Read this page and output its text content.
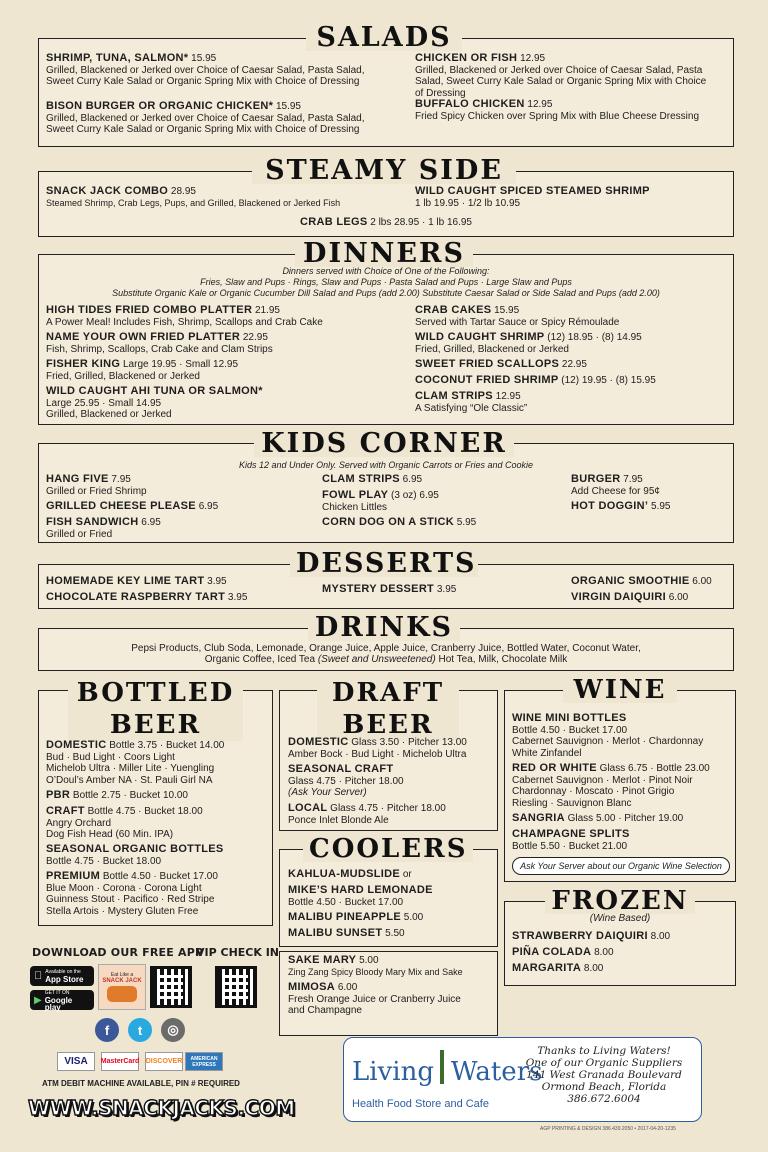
SALADS
SHRIMP, TUNA, SALMON* 15.95
Grilled, Blackened or Jerked over Choice of Caesar Salad, Pasta Salad, Sweet Curry Kale Salad or Organic Spring Mix with Choice of Dressing
BISON BURGER OR ORGANIC CHICKEN* 15.95
Grilled, Blackened or Jerked over Choice of Caesar Salad, Pasta Salad, Sweet Curry Kale Salad or Organic Spring Mix with Choice of Dressing
CHICKEN OR FISH 12.95
Grilled, Blackened or Jerked over Choice of Caesar Salad, Pasta Salad, Sweet Curry Kale Salad or Organic Spring Mix with Choice of Dressing
BUFFALO CHICKEN 12.95
Fried Spicy Chicken over Spring Mix with Blue Cheese Dressing
STEAMY SIDE
SNACK JACK COMBO 28.95
Steamed Shrimp, Crab Legs, Pups, and Grilled, Blackened or Jerked Fish
WILD CAUGHT SPICED STEAMED SHRIMP
1 lb 19.95 · 1/2 lb 10.95
CRAB LEGS 2 lbs 28.95 · 1 lb 16.95
DINNERS
Dinners served with Choice of One of the Following:
Fries, Slaw and Pups · Rings, Slaw and Pups · Pasta Salad and Pups · Large Slaw and Pups
Substitute Organic Kale or Organic Cucumber Dill Salad and Pups (add 2.00) Substitute Caesar Salad or Side Salad and Pups (add 2.00)
HIGH TIDES FRIED COMBO PLATTER 21.95
A Power Meal! Includes Fish, Shrimp, Scallops and Crab Cake
NAME YOUR OWN FRIED PLATTER 22.95
Fish, Shrimp, Scallops, Crab Cake and Clam Strips
FISHER KING Large 19.95 · Small 12.95
Fried, Grilled, Blackened or Jerked
WILD CAUGHT AHI TUNA OR SALMON*
Large 25.95 · Small 14.95
Grilled, Blackened or Jerked
CRAB CAKES 15.95
Served with Tartar Sauce or Spicy Rémoulade
WILD CAUGHT SHRIMP (12) 18.95 · (8) 14.95
Fried, Grilled, Blackened or Jerked
SWEET FRIED SCALLOPS 22.95
COCONUT FRIED SHRIMP (12) 19.95 · (8) 15.95
CLAM STRIPS 12.95
A Satisfying “Ole Classic”
KIDS CORNER
Kids 12 and Under Only. Served with Organic Carrots or Fries and Cookie
HANG FIVE 7.95
Grilled or Fried Shrimp
GRILLED CHEESE PLEASE 6.95
FISH SANDWICH 6.95
Grilled or Fried
CLAM STRIPS 6.95
FOWL PLAY (3 oz) 6.95
Chicken Littles
CORN DOG ON A STICK 5.95
BURGER 7.95
Add Cheese for 95¢
HOT DOGGIN’ 5.95
DESSERTS
HOMEMADE KEY LIME TART 3.95
CHOCOLATE RASPBERRY TART 3.95
MYSTERY DESSERT 3.95
ORGANIC SMOOTHIE 6.00
VIRGIN DAIQUIRI 6.00
DRINKS
Pepsi Products, Club Soda, Lemonade, Orange Juice, Apple Juice, Cranberry Juice, Bottled Water, Coconut Water,
Organic Coffee, Iced Tea (Sweet and Unsweetened) Hot Tea, Milk, Chocolate Milk
BOTTLED
BEER
DOMESTIC Bottle 3.75 · Bucket 14.00
Bud · Bud Light · Coors Light
Michelob Ultra · Miller Lite · Yuengling
O’Doul’s Amber NA · St. Pauli Girl NA
PBR Bottle 2.75 · Bucket 10.00
CRAFT Bottle 4.75 · Bucket 18.00
Angry Orchard
Dog Fish Head (60 Min. IPA)
SEASONAL ORGANIC BOTTLES
Bottle 4.75 · Bucket 18.00
PREMIUM Bottle 4.50 · Bucket 17.00
Blue Moon · Corona · Corona Light
Guinness Stout · Pacifico · Red Stripe
Stella Artois · Mystery Gluten Free
DRAFT
BEER
DOMESTIC Glass 3.50 · Pitcher 13.00
Amber Bock · Bud Light · Michelob Ultra
SEASONAL CRAFT
Glass 4.75 · Pitcher 18.00
(Ask Your Server)
LOCAL Glass 4.75 · Pitcher 18.00
Ponce Inlet Blonde Ale
COOLERS
KAHLUA-MUDSLIDE or
MIKE’S HARD LEMONADE
Bottle 4.50 · Bucket 17.00
MALIBU PINEAPPLE 5.00
MALIBU SUNSET 5.50
SAKE MARY 5.00
Zing Zang Spicy Bloody Mary Mix and Sake
MIMOSA 6.00
Fresh Orange Juice or Cranberry Juice
and Champagne
WINE
WINE MINI BOTTLES
Bottle 4.50 · Bucket 17.00
Cabernet Sauvignon · Merlot · Chardonnay
White Zinfandel
RED OR WHITE Glass 6.75 · Bottle 23.00
Cabernet Sauvignon · Merlot · Pinot Noir
Chardonnay · Moscato · Pinot Grigio
Riesling · Sauvignon Blanc
SANGRIA Glass 5.00 · Pitcher 19.00
CHAMPAGNE SPLITS
Bottle 5.50 · Bucket 21.00
Ask Your Server about our Organic Wine Selection
FROZEN
(Wine Based)
STRAWBERRY DAIQUIRI 8.00
PIÑA COLADA 8.00
MARGARITA 8.00
DOWNLOAD OUR FREE APP
VIP CHECK IN
Available on the
App Store
▶
GET IT ON
Google play
Eat Like a
SNACK JACK
f t ◎
VISA MasterCard DISCOVER	AMERICAN EXPRESS
ATM DEBIT MACHINE AVAILABLE, PIN # REQUIRED
WWW.SNACKJACKS.COM
Living Waters
Health Food Store and Cafe
Thanks to Living Waters!
One of our Organic Suppliers
141 West Granada Boulevard
Ormond Beach, Florida
386.672.6004
AGP PRINTING & DESIGN 386.439.2050 • 2017-04-20-1235
